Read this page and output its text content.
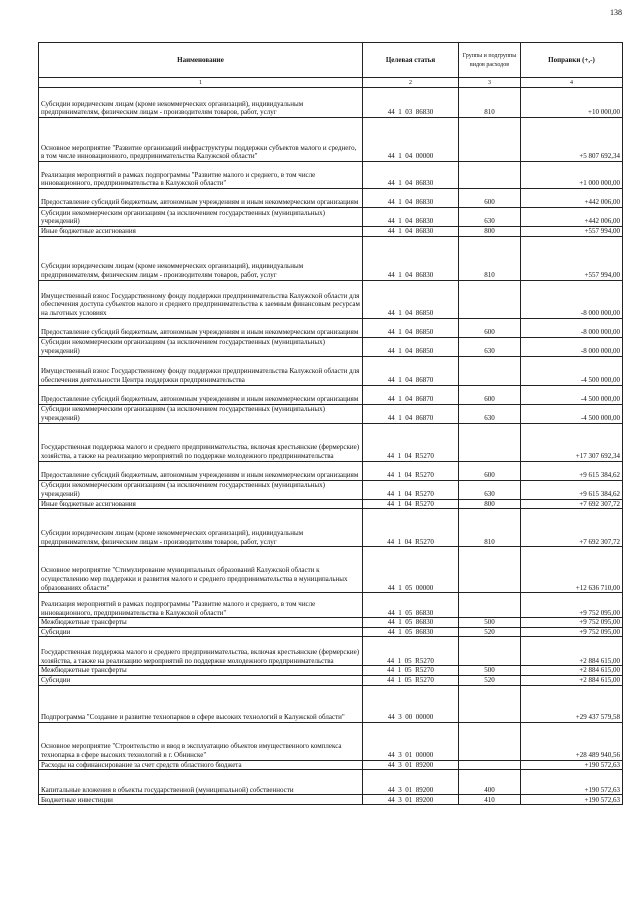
138
Наименование	Целевая статья	Группы и подгруппы видов расходов	Поправки (+,-)
1	2	3	4
Субсидии юридическим лицам (кроме некоммерческих организаций), индивидуальным предпринимателям, физическим лицам - производителям товаров, работ, услуг	44  1  03  86830	810	+10 000,00
Основное мероприятие "Развитие организаций инфраструктуры поддержки субъектов малого и среднего, в том числе инновационного, предпринимательства Калужской области"	44  1  04  00000		+5 807 692,34
Реализация мероприятий в рамках подпрограммы "Развитие малого и среднего, в том числе инновационного, предпринимательства в Калужской области"	44  1  04  86830		+1 000 000,00
Предоставление субсидий бюджетным, автономным учреждениям и иным некоммерческим организациям	44  1  04  86830	600	+442 006,00
Субсидии некоммерческим организациям (за исключением государственных (муниципальных) учреждений)	44  1  04  86830	630	+442 006,00
Иные бюджетные ассигнования	44  1  04  86830	800	+557 994,00
Субсидии юридическим лицам (кроме некоммерческих организаций), индивидуальным предпринимателям, физическим лицам - производителям товаров, работ, услуг	44  1  04  86830	810	+557 994,00
Имущественный взнос Государственному фонду поддержки предпринимательства Калужской области для обеспечения доступа субъектов малого и среднего предпринимательства к заемным финансовым ресурсам на льготных условиях	44  1  04  86850		-8 000 000,00
Предоставление субсидий бюджетным, автономным учреждениям и иным некоммерческим организациям	44  1  04  86850	600	-8 000 000,00
Субсидии некоммерческим организациям (за исключением государственных (муниципальных) учреждений)	44  1  04  86850	630	-8 000 000,00
Имущественный взнос Государственному фонду поддержки предпринимательства Калужской области для обеспечения деятельности Центра поддержки предпринимательства	44  1  04  86870		-4 500 000,00
Предоставление субсидий бюджетным, автономным учреждениям и иным некоммерческим организациям	44  1  04  86870	600	-4 500 000,00
Субсидии некоммерческим организациям (за исключением государственных (муниципальных) учреждений)	44  1  04  86870	630	-4 500 000,00
Государственная поддержка малого и среднего предпринимательства, включая крестьянские (фермерские) хозяйства, а также на реализацию мероприятий по поддержке молодежного предпринимательства	44  1  04  R5270		+17 307 692,34
Предоставление субсидий бюджетным, автономным учреждениям и иным некоммерческим организациям	44  1  04  R5270	600	+9 615 384,62
Субсидии некоммерческим организациям (за исключением государственных (муниципальных) учреждений)	44  1  04  R5270	630	+9 615 384,62
Иные бюджетные ассигнования	44  1  04  R5270	800	+7 692 307,72
Субсидии юридическим лицам (кроме некоммерческих организаций), индивидуальным предпринимателям, физическим лицам - производителям товаров, работ, услуг	44  1  04  R5270	810	+7 692 307,72
Основное мероприятие "Стимулирование муниципальных образований Калужской области к осуществлению мер поддержки и развития малого и среднего предпринимательства в муниципальных образованиях области"	44  1  05  00000		+12 636 710,00
Реализация мероприятий в рамках подпрограммы "Развитие малого и среднего, в том числе инновационного, предпринимательства в Калужской области"	44  1  05  86830		+9 752 095,00
Межбюджетные трансферты	44  1  05  86830	500	+9 752 095,00
Субсидии	44  1  05  86830	520	+9 752 095,00
Государственная поддержка малого и среднего предпринимательства, включая крестьянские (фермерские) хозяйства, а также на реализацию мероприятий по поддержке молодежного предпринимательства	44  1  05  R5270		+2 884 615,00
Межбюджетные трансферты	44  1  05  R5270	500	+2 884 615,00
Субсидии	44  1  05  R5270	520	+2 884 615,00
Подпрограмма "Создание и развитие технопарков в сфере высоких технологий в Калужской области"	44  3  00  00000		+29 437 579,58
Основное мероприятие "Строительство и ввод в эксплуатацию объектов имущественного комплекса технопарка в сфере высоких технологий в г. Обнинске"	44  3  01  00000		+28 489 940,56
Расходы на софинансирование за счет средств областного бюджета	44  3  01  89200		+190 572,63
Капитальные вложения в объекты государственной (муниципальной) собственности	44  3  01  89200	400	+190 572,63
Бюджетные инвестиции	44  3  01  89200	410	+190 572,63
